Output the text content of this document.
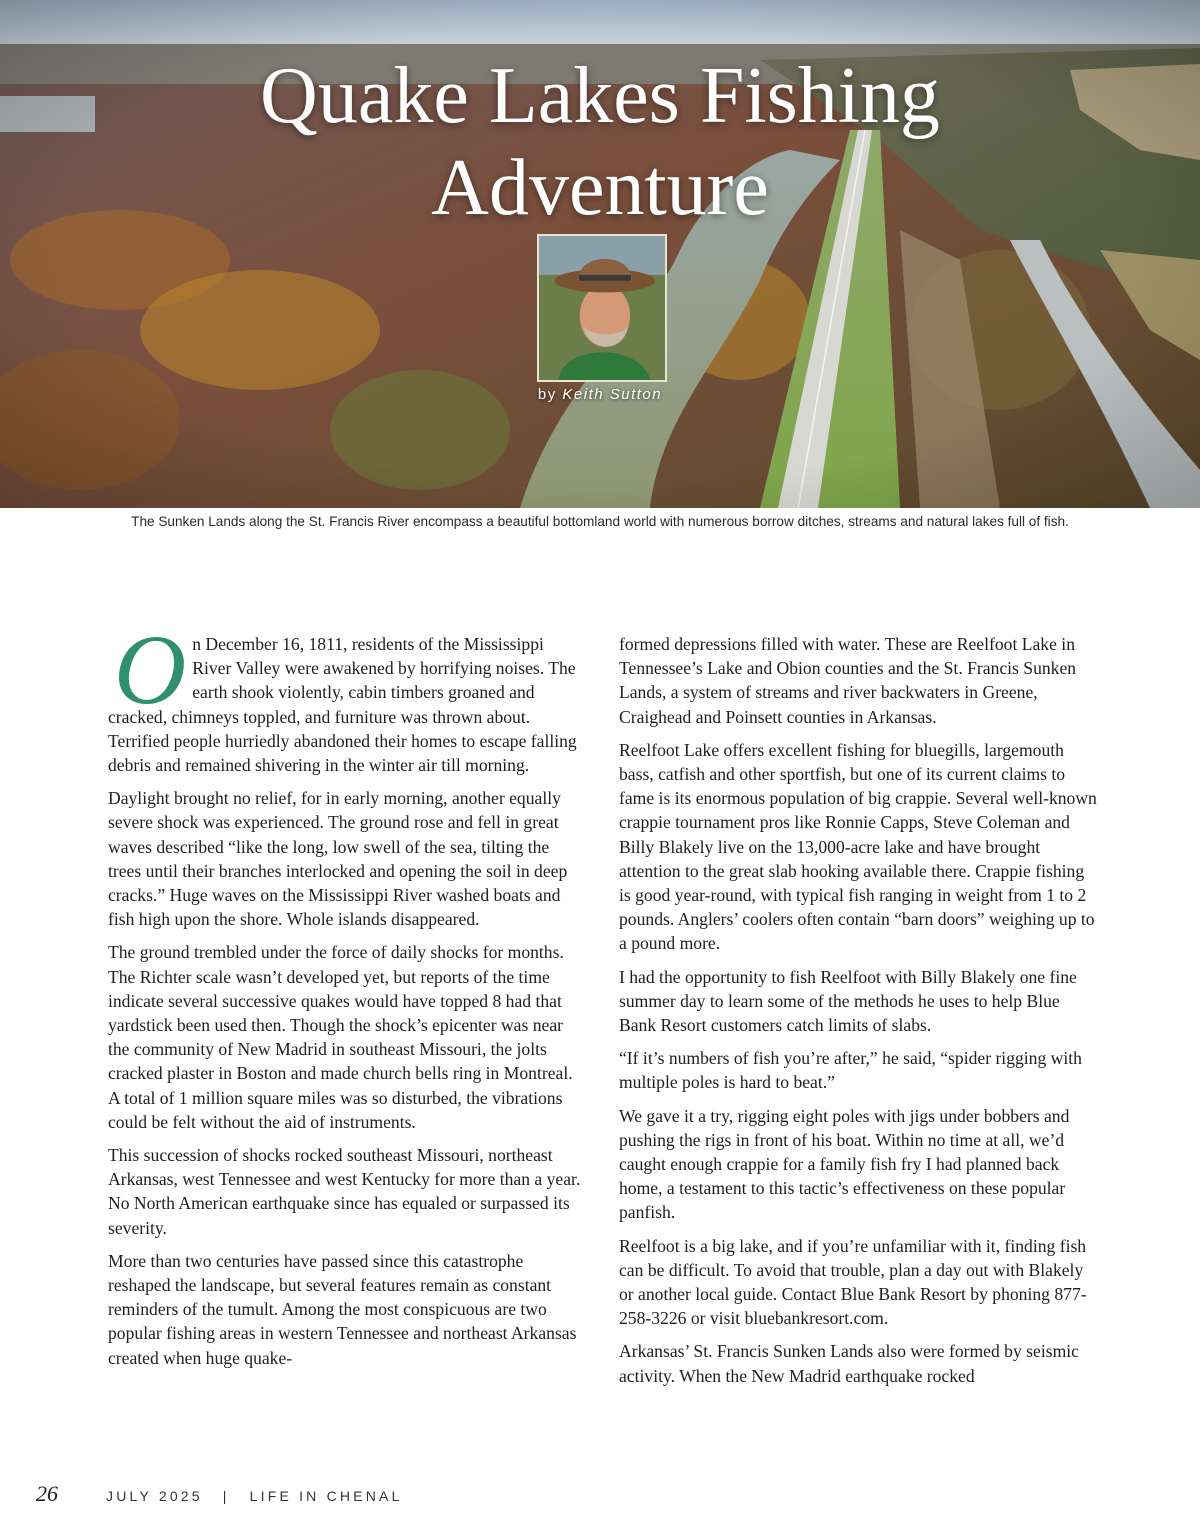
Quake Lakes Fishing
Adventure
by Keith Sutton

The Sunken Lands along the St. Francis River encompass a beautiful bottomland world with numerous borrow ditches, streams and natural lakes full of fish.

On December 16, 1811, residents of the Mississippi River Valley were awakened by horrifying noises. The earth shook violently, cabin timbers groaned and cracked, chimneys toppled, and furniture was thrown about. Terrified people hurriedly abandoned their homes to escape falling debris and remained shivering in the winter air till morning.

Daylight brought no relief, for in early morning, another equally severe shock was experienced. The ground rose and fell in great waves described “like the long, low swell of the sea, tilting the trees until their branches interlocked and opening the soil in deep cracks.” Huge waves on the Mississippi River washed boats and fish high upon the shore. Whole islands disappeared.

The ground trembled under the force of daily shocks for months. The Richter scale wasn’t developed yet, but reports of the time indicate several successive quakes would have topped 8 had that yardstick been used then. Though the shock’s epicenter was near the community of New Madrid in southeast Missouri, the jolts cracked plaster in Boston and made church bells ring in Montreal. A total of 1 million square miles was so disturbed, the vibrations could be felt without the aid of instruments.

This succession of shocks rocked southeast Missouri, northeast Arkansas, west Tennessee and west Kentucky for more than a year. No North American earthquake since has equaled or surpassed its severity.

More than two centuries have passed since this catastrophe reshaped the landscape, but several features remain as constant reminders of the tumult. Among the most conspicuous are two popular fishing areas in western Tennessee and northeast Arkansas created when huge quake-

formed depressions filled with water. These are Reelfoot Lake in Tennessee’s Lake and Obion counties and the St. Francis Sunken Lands, a system of streams and river backwaters in Greene, Craighead and Poinsett counties in Arkansas.

Reelfoot Lake offers excellent fishing for bluegills, largemouth bass, catfish and other sportfish, but one of its current claims to fame is its enormous population of big crappie. Several well-known crappie tournament pros like Ronnie Capps, Steve Coleman and Billy Blakely live on the 13,000-acre lake and have brought attention to the great slab hooking available there. Crappie fishing is good year-round, with typical fish ranging in weight from 1 to 2 pounds. Anglers’ coolers often contain “barn doors” weighing up to a pound more.

I had the opportunity to fish Reelfoot with Billy Blakely one fine summer day to learn some of the methods he uses to help Blue Bank Resort customers catch limits of slabs.

“If it’s numbers of fish you’re after,” he said, “spider rigging with multiple poles is hard to beat.”

We gave it a try, rigging eight poles with jigs under bobbers and pushing the rigs in front of his boat. Within no time at all, we’d caught enough crappie for a family fish fry I had planned back home, a testament to this tactic’s effectiveness on these popular panfish.

Reelfoot is a big lake, and if you’re unfamiliar with it, finding fish can be difficult. To avoid that trouble, plan a day out with Blakely or another local guide. Contact Blue Bank Resort by phoning 877-258-3226 or visit bluebankresort.com.

Arkansas’ St. Francis Sunken Lands also were formed by seismic activity. When the New Madrid earthquake rocked

26	JULY 2025 | LIFE IN CHENAL
